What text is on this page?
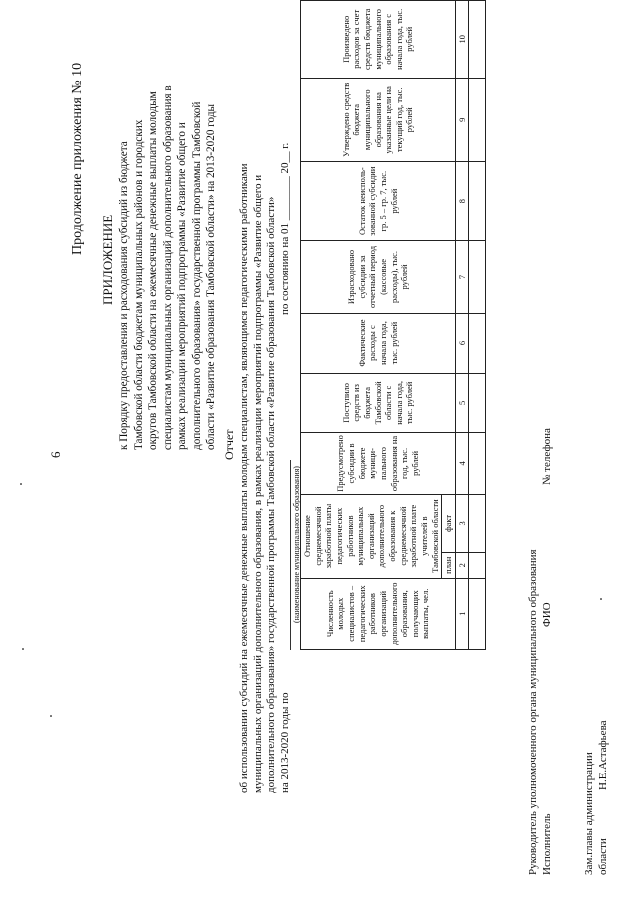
6
Продолжение приложения № 10
ПРИЛОЖЕНИЕ к Порядку предоставления и расходования субсидий из бюджета Тамбовской области бюджетам муниципальных районов и городских округов Тамбовской области на ежемесячные денежные выплаты молодым специалистам муниципальных организаций дополнительного образования в рамках реализации мероприятий подпрограммы «Развитие общего и дополнительного образования» государственной программы Тамбовской области «Развитие образования Тамбовской области» на 2013-2020 годы Отчет об использовании субсидий на ежемесячные денежные выплаты молодым специалистам, являющимся педагогическими работниками муниципальных организаций дополнительного образования, в рамках реализации мероприятий подпрограммы «Развитие общего и дополнительного образования» государственной программы Тамбовской области «Развитие образования Тамбовской области» на 2013-2020 годы по
по состоянию на 01 ________ 20__ г.
(наименование муниципального образования)	Численность молодых специалистов – педагогических работников организаций дополнительного образования, получающих выплаты, чел.	Отношение среднемесячной заработной платы педагогических работников муниципальных организаций дополнительного образования к среднемесячной заработной плате учителей в Тамбовской области		Предусмотрено субсидии в бюджете муници-пального образования на год, тыс. рублей	Поступило средств из бюджета Тамбовской области с начала года, тыс. рублей	Фактические расходы с начала года, тыс. рублей	Израсходовано субсидии за отчетный период (кассовые расходы), тыс. рублей	Остаток неисполь-зованной субсидии гр. 5 – гр. 7, тыс. рублей	Утверждено средств бюджета муниципального образования на указанные цели на текущий год, тыс. рублей	Произведено расходов за счет средств бюджета муниципального образования с начала года, тыс. рублей
	план	факт							
1	2	3	4	5	6	7	8	9	10

Руководитель уполномоченного органа муниципального образования Исполнитель
ФИО
№ телефона
Зам.главы администрации области
Н.Е.Астафьева
